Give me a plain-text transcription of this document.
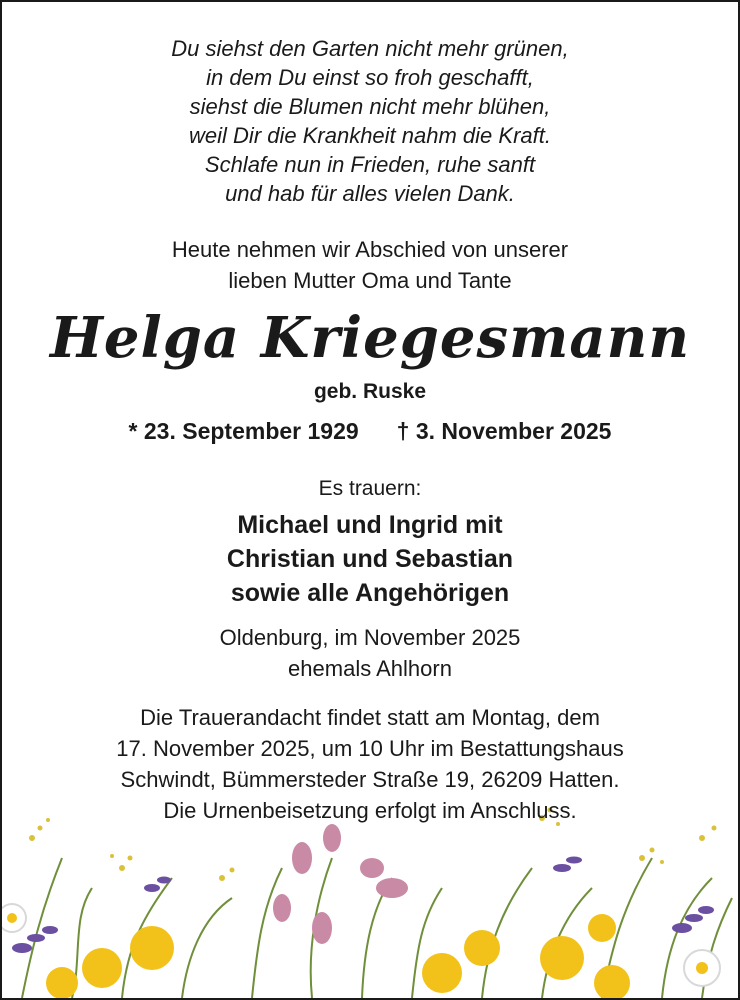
Du siehst den Garten nicht mehr grünen,
in dem Du einst so froh geschafft,
siehst die Blumen nicht mehr blühen,
weil Dir die Krankheit nahm die Kraft.
Schlafe nun in Frieden, ruhe sanft
und hab für alles vielen Dank.
Heute nehmen wir Abschied von unserer
lieben Mutter Oma und Tante
Helga Kriegesmann
geb. Ruske
* 23. September 1929 † 3. November 2025
Es trauern:
Michael und Ingrid mit
Christian und Sebastian
sowie alle Angehörigen
Oldenburg, im November 2025
ehemals Ahlhorn
Die Trauerandacht findet statt am Montag, dem
17. November 2025, um 10 Uhr im Bestattungshaus
Schwindt, Bümmersteder Straße 19, 26209 Hatten.
Die Urnenbeisetzung erfolgt im Anschluss.
